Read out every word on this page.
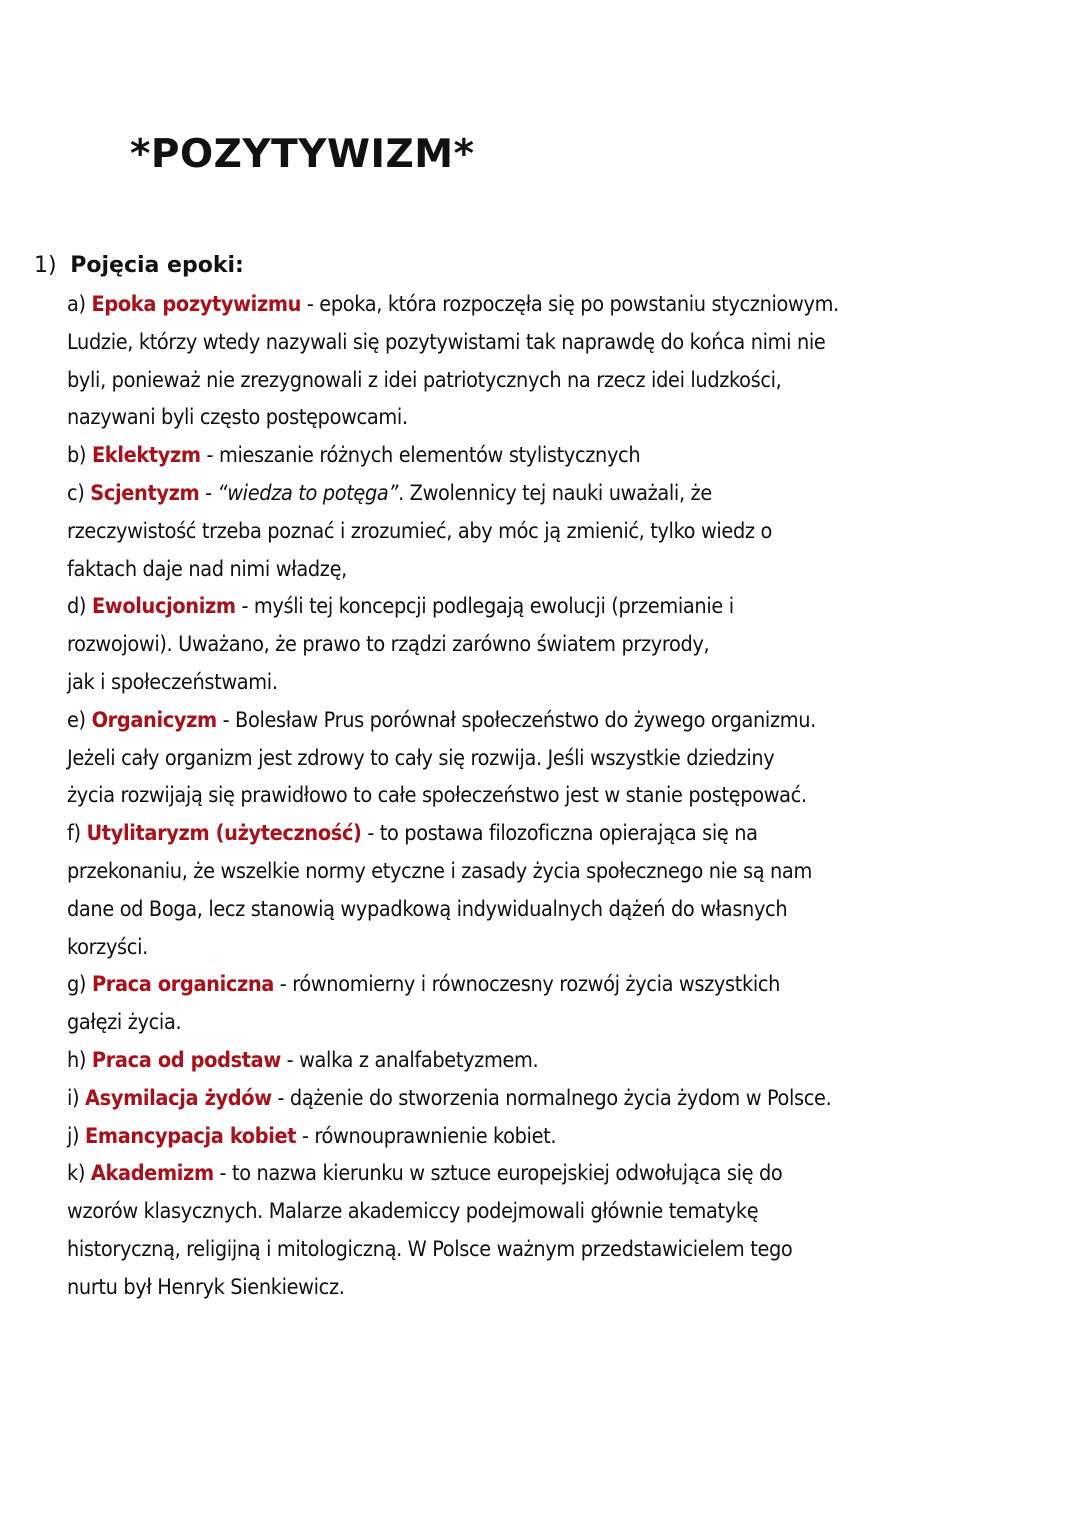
*POZYTYWIZM*
1) Pojęcia epoki:
a) Epoka pozytywizmu - epoka, która rozpoczęła się po powstaniu styczniowym.
Ludzie, którzy wtedy nazywali się pozytywistami tak naprawdę do końca nimi nie
byli, ponieważ nie zrezygnowali z idei patriotycznych na rzecz idei ludzkości,
nazywani byli często postępowcami.
b) Eklektyzm - mieszanie różnych elementów stylistycznych
c) Scjentyzm - “wiedza to potęga”. Zwolennicy tej nauki uważali, że
rzeczywistość trzeba poznać i zrozumieć, aby móc ją zmienić, tylko wiedz o
faktach daje nad nimi władzę,
d) Ewolucjonizm - myśli tej koncepcji podlegają ewolucji (przemianie i
rozwojowi). Uważano, że prawo to rządzi zarówno światem przyrody,
jak i społeczeństwami.
e) Organicyzm - Bolesław Prus porównał społeczeństwo do żywego organizmu.
Jeżeli cały organizm jest zdrowy to cały się rozwija. Jeśli wszystkie dziedziny
życia rozwijają się prawidłowo to całe społeczeństwo jest w stanie postępować.
f) Utylitaryzm (użyteczność) - to postawa filozoficzna opierająca się na
przekonaniu, że wszelkie normy etyczne i zasady życia społecznego nie są nam
dane od Boga, lecz stanowią wypadkową indywidualnych dążeń do własnych
korzyści.
g) Praca organiczna - równomierny i równoczesny rozwój życia wszystkich
gałęzi życia.
h) Praca od podstaw - walka z analfabetyzmem.
i) Asymilacja żydów - dążenie do stworzenia normalnego życia żydom w Polsce.
j) Emancypacja kobiet - równouprawnienie kobiet.
k) Akademizm - to nazwa kierunku w sztuce europejskiej odwołująca się do
wzorów klasycznych. Malarze akademiccy podejmowali głównie tematykę
historyczną, religijną i mitologiczną. W Polsce ważnym przedstawicielem tego
nurtu był Henryk Sienkiewicz.
